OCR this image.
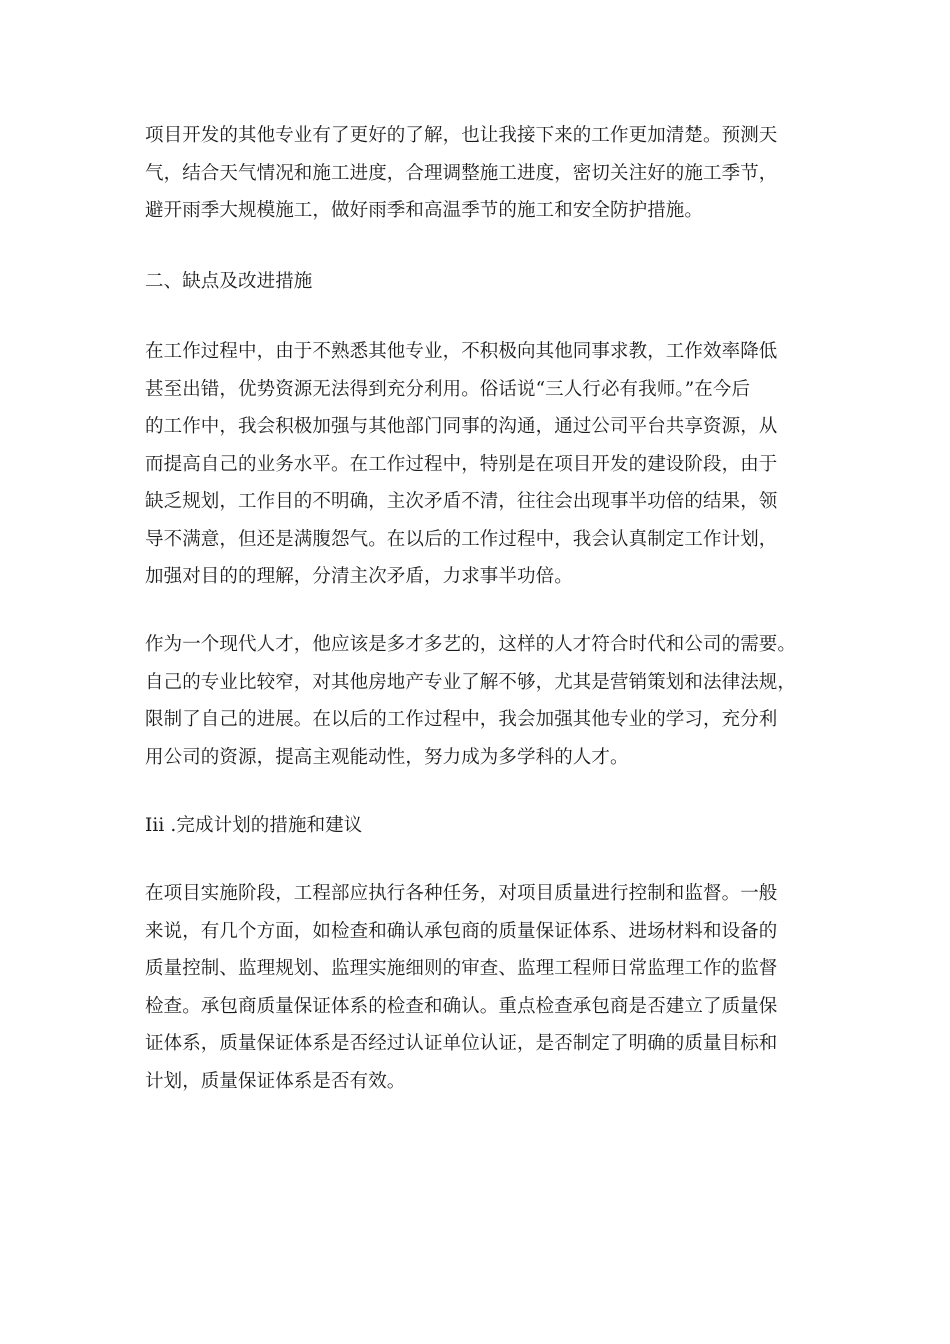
项目开发的其他专业有了更好的了解，也让我接下来的工作更加清楚。预测天
气，结合天气情况和施工进度，合理调整施工进度，密切关注好的施工季节，
避开雨季大规模施工，做好雨季和高温季节的施工和安全防护措施。
二、缺点及改进措施
在工作过程中，由于不熟悉其他专业，不积极向其他同事求教，工作效率降低
甚至出错，优势资源无法得到充分利用。俗话说“三人行必有我师。”在今后
的工作中，我会积极加强与其他部门同事的沟通，通过公司平台共享资源，从
而提高自己的业务水平。在工作过程中，特别是在项目开发的建设阶段，由于
缺乏规划，工作目的不明确，主次矛盾不清，往往会出现事半功倍的结果，领
导不满意，但还是满腹怨气。在以后的工作过程中，我会认真制定工作计划，
加强对目的的理解，分清主次矛盾，力求事半功倍。
作为一个现代人才，他应该是多才多艺的，这样的人才符合时代和公司的需要。
自己的专业比较窄，对其他房地产专业了解不够，尤其是营销策划和法律法规，
限制了自己的进展。在以后的工作过程中，我会加强其他专业的学习，充分利
用公司的资源，提高主观能动性，努力成为多学科的人才。
Iii .完成计划的措施和建议
在项目实施阶段，工程部应执行各种任务，对项目质量进行控制和监督。一般
来说，有几个方面，如检查和确认承包商的质量保证体系、进场材料和设备的
质量控制、监理规划、监理实施细则的审查、监理工程师日常监理工作的监督
检查。承包商质量保证体系的检查和确认。重点检查承包商是否建立了质量保
证体系，质量保证体系是否经过认证单位认证，是否制定了明确的质量目标和
计划，质量保证体系是否有效。
